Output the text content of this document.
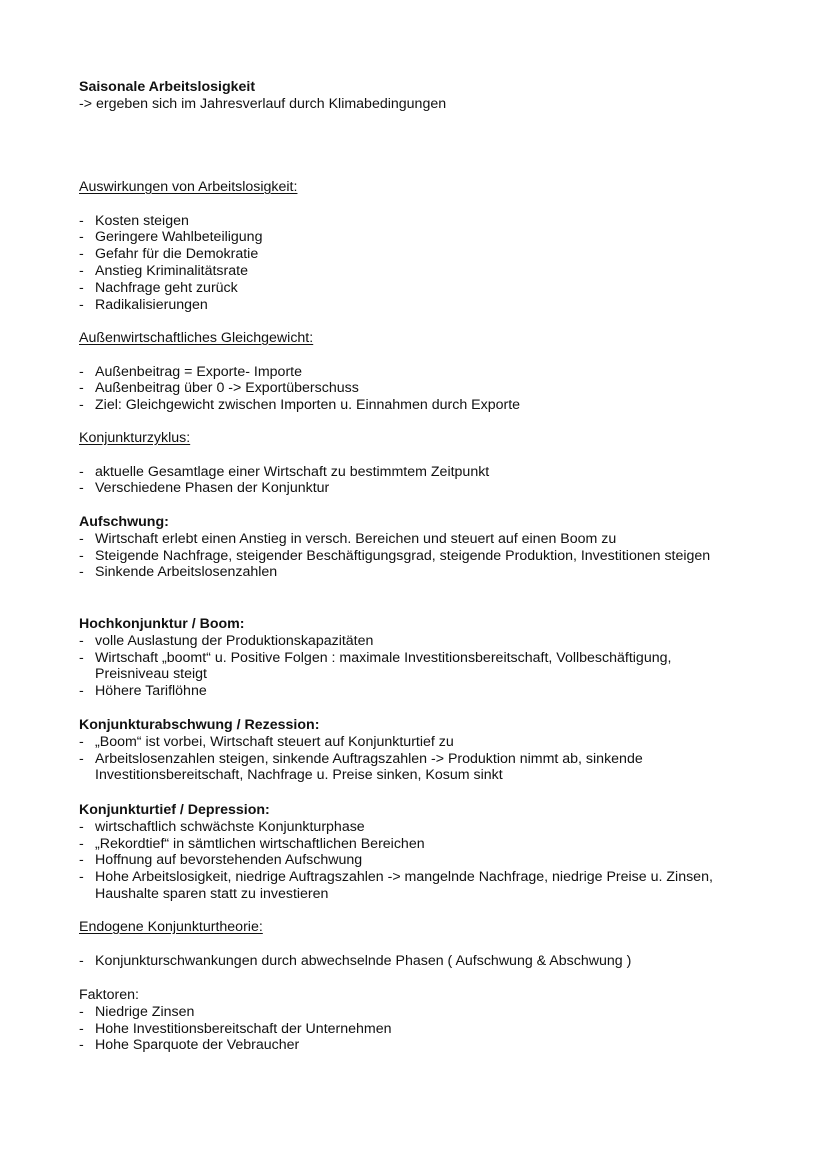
Saisonale Arbeitslosigkeit

-> ergeben sich im Jahresverlauf durch Klimabedingungen

Auswirkungen von Arbeitslosigkeit:

- Kosten steigen
- Geringere Wahlbeteiligung
- Gefahr für die Demokratie
- Anstieg Kriminalitätsrate
- Nachfrage geht zurück
- Radikalisierungen

Außenwirtschaftliches Gleichgewicht:

- Außenbeitrag = Exporte- Importe
- Außenbeitrag über 0 -> Exportüberschuss
- Ziel: Gleichgewicht zwischen Importen u. Einnahmen durch Exporte

Konjunkturzyklus:

- aktuelle Gesamtlage einer Wirtschaft zu bestimmtem Zeitpunkt
- Verschiedene Phasen der Konjunktur

Aufschwung:

- Wirtschaft erlebt einen Anstieg in versch. Bereichen und steuert auf einen Boom zu
- Steigende Nachfrage, steigender Beschäftigungsgrad, steigende Produktion, Investitionen steigen
- Sinkende Arbeitslosenzahlen

Hochkonjunktur / Boom:

- volle Auslastung der Produktionskapazitäten
- Wirtschaft „boomt“ u. Positive Folgen : maximale Investitionsbereitschaft, Vollbeschäftigung, Preisniveau steigt
- Höhere Tariflöhne

Konjunkturabschwung / Rezession:

- „Boom“ ist vorbei, Wirtschaft steuert auf Konjunkturtief zu
- Arbeitslosenzahlen steigen, sinkende Auftragszahlen -> Produktion nimmt ab, sinkende Investitionsbereitschaft, Nachfrage u. Preise sinken, Kosum sinkt

Konjunkturtief / Depression:

- wirtschaftlich schwächste Konjunkturphase
- „Rekordtief“ in sämtlichen wirtschaftlichen Bereichen
- Hoffnung auf bevorstehenden Aufschwung
- Hohe Arbeitslosigkeit, niedrige Auftragszahlen -> mangelnde Nachfrage, niedrige Preise u. Zinsen, Haushalte sparen statt zu investieren

Endogene Konjunkturtheorie:

- Konjunkturschwankungen durch abwechselnde Phasen ( Aufschwung & Abschwung )

Faktoren:

- Niedrige Zinsen
- Hohe Investitionsbereitschaft der Unternehmen
- Hohe Sparquote der Vebraucher
